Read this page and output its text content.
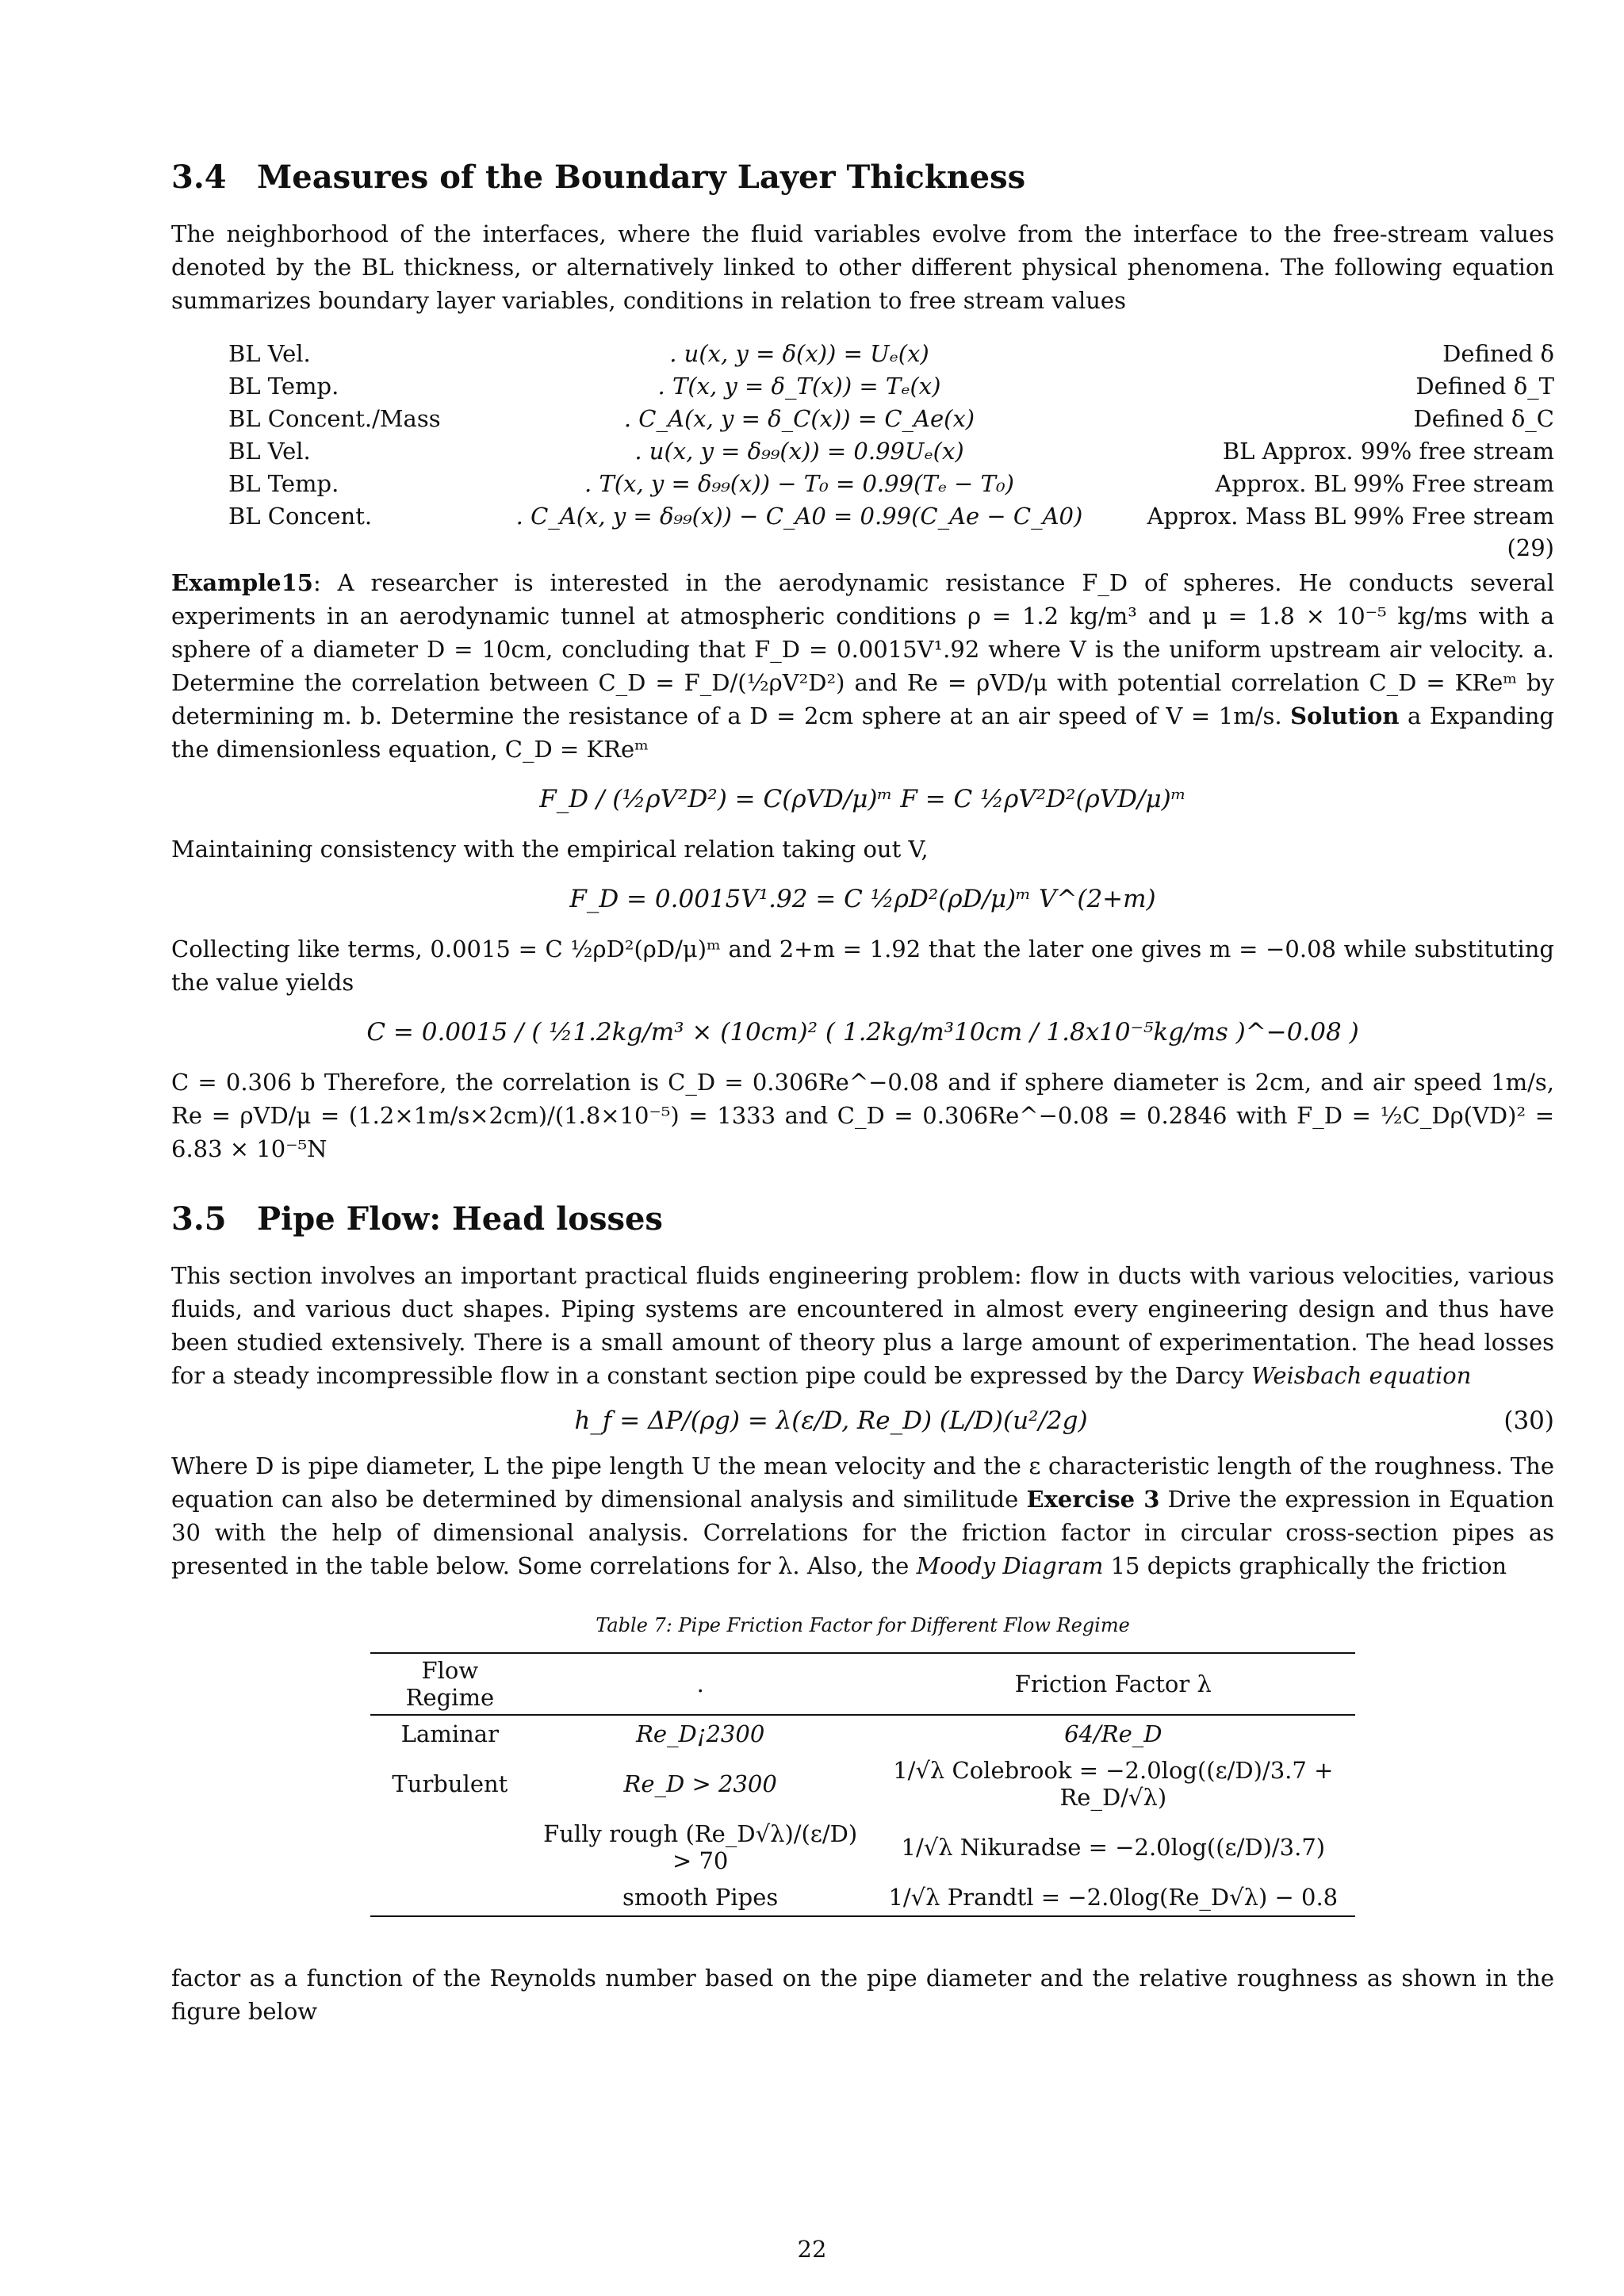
3.4 Measures of the Boundary Layer Thickness

The neighborhood of the interfaces, where the fluid variables evolve from the interface to the free-stream values denoted by the BL thickness, or alternatively linked to other different physical phenomena. The following equation summarizes boundary layer variables, conditions in relation to free stream values

BL Vel.	. u(x, y = δ(x)) = Uₑ(x)	Defined δ
BL Temp.	. T(x, y = δ_T(x)) = Tₑ(x)	Defined δ_T
BL Concent./Mass	. C_A(x, y = δ_C(x)) = C_Ae(x)	Defined δ_C
BL Vel.	. u(x, y = δ₉₉(x)) = 0.99Uₑ(x)	BL Approx. 99% free stream
BL Temp.	. T(x, y = δ₉₉(x)) − T₀ = 0.99(Tₑ − T₀)	Approx. BL 99% Free stream
BL Concent.	. C_A(x, y = δ₉₉(x)) − C_A0 = 0.99(C_Ae − C_A0)	Approx. Mass BL 99% Free stream
(29)

Example15: A researcher is interested in the aerodynamic resistance F_D of spheres. He conducts several experiments in an aerodynamic tunnel at atmospheric conditions ρ = 1.2 kg/m³ and μ = 1.8 × 10⁻⁵ kg/ms with a sphere of a diameter D = 10cm, concluding that F_D = 0.0015V¹.92 where V is the uniform upstream air velocity. a. Determine the correlation between C_D = F_D/(½ρV²D²) and Re = ρVD/μ with potential correlation C_D = KReᵐ by determining m. b. Determine the resistance of a D = 2cm sphere at an air speed of V = 1m/s. Solution a Expanding the dimensionless equation, C_D = KReᵐ

F_D / (½ρV²D²) = C(ρVD/μ)ᵐ F = C ½ρV²D²(ρVD/μ)ᵐ

Maintaining consistency with the empirical relation taking out V,

F_D = 0.0015V¹.92 = C ½ρD²(ρD/μ)ᵐ V^(2+m)

Collecting like terms, 0.0015 = C ½ρD²(ρD/μ)ᵐ and 2+m = 1.92 that the later one gives m = −0.08 while substituting the value yields

C = 0.0015 / ( ½1.2kg/m³ × (10cm)² ( 1.2kg/m³10cm / 1.8x10⁻⁵kg/ms )^−0.08 )

C = 0.306 b Therefore, the correlation is C_D = 0.306Re^−0.08 and if sphere diameter is 2cm, and air speed 1m/s, Re = ρVD/μ = (1.2×1m/s×2cm)/(1.8×10⁻⁵) = 1333 and C_D = 0.306Re^−0.08 = 0.2846 with F_D = ½C_Dρ(VD)² = 6.83 × 10⁻⁵N

3.5 Pipe Flow: Head losses

This section involves an important practical fluids engineering problem: flow in ducts with various velocities, various fluids, and various duct shapes. Piping systems are encountered in almost every engineering design and thus have been studied extensively. There is a small amount of theory plus a large amount of experimentation. The head losses for a steady incompressible flow in a constant section pipe could be expressed by the Darcy Weisbach equation

h_f = ΔP/(ρg) = λ(ε/D, Re_D) (L/D)(u²/2g)	(30)

Where D is pipe diameter, L the pipe length U the mean velocity and the ε characteristic length of the roughness. The equation can also be determined by dimensional analysis and similitude Exercise 3 Drive the expression in Equation 30 with the help of dimensional analysis. Correlations for the friction factor in circular cross-section pipes as presented in the table below. Some correlations for λ. Also, the Moody Diagram 15 depicts graphically the friction

Table 7: Pipe Friction Factor for Different Flow Regime
Flow Regime	.	Friction Factor λ
Laminar	Re_D¡2300	64/Re_D
Turbulent	Re_D > 2300	1/√λ Colebrook = −2.0log((ε/D)/3.7 + Re_D/√λ)
	Fully rough (Re_D√λ)/(ε/D) > 70	1/√λ Nikuradse = −2.0log((ε/D)/3.7)
	smooth Pipes	1/√λ Prandtl = −2.0log(Re_D√λ) − 0.8

factor as a function of the Reynolds number based on the pipe diameter and the relative roughness as shown in the figure below

22
